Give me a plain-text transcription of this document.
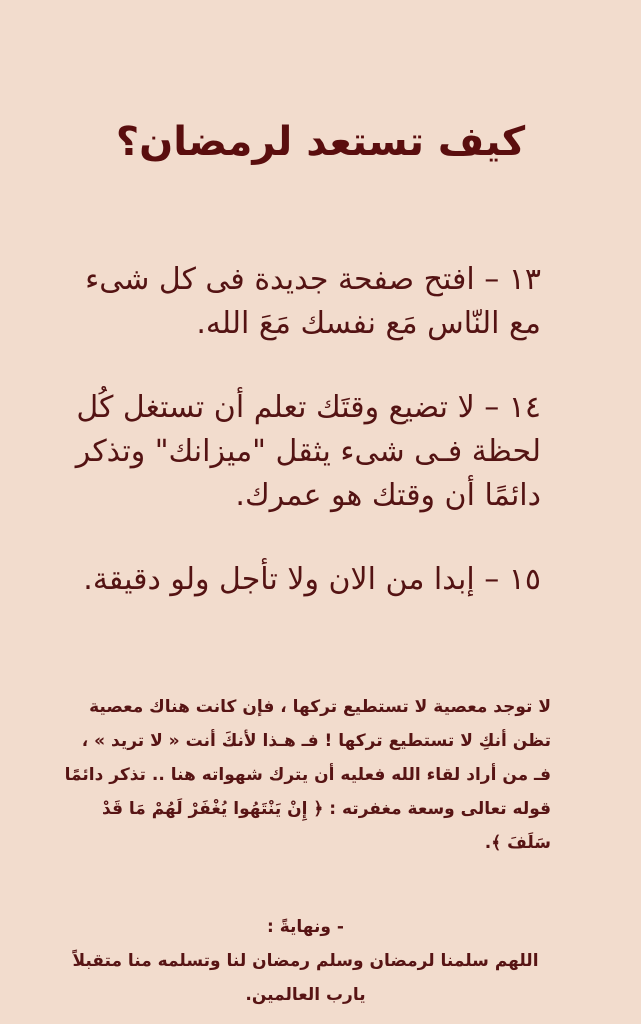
كيف تستعد لرمضان؟

١٣ – افتح صفحة جديدة فى كل شىء مع النّاس مَع نفسك مَعَ الله.

١٤ – لا تضيع وقتَك تعلم أن تستغل كُل لحظة فـى شىء يثقل "ميزانك" وتذكر دائمًا أن وقتك هو عمرك.

١٥ – إبدا من الان ولا تأجل ولو دقيقة.

لا توجد معصية لا تستطيع تركها ، فإن كانت هناك معصية تظن أنكِ لا تستطيع تركها ! فـ هـذا لأنكَ أنت « لا تريد » ، فـ من أراد لقاء الله فعليه أن يترك شهواته هنا .. تذكر دائمًا قوله تعالى وسعة مغفرته : ﴿ إِنْ يَنْتَهُوا يُغْفَرْ لَهُمْ مَا قَدْ سَلَفَ ﴾.
- ونهايةً :
اللهم سلمنا لرمضان وسلم رمضان لنا وتسلمه منا متقبلاً يارب العالمين.
